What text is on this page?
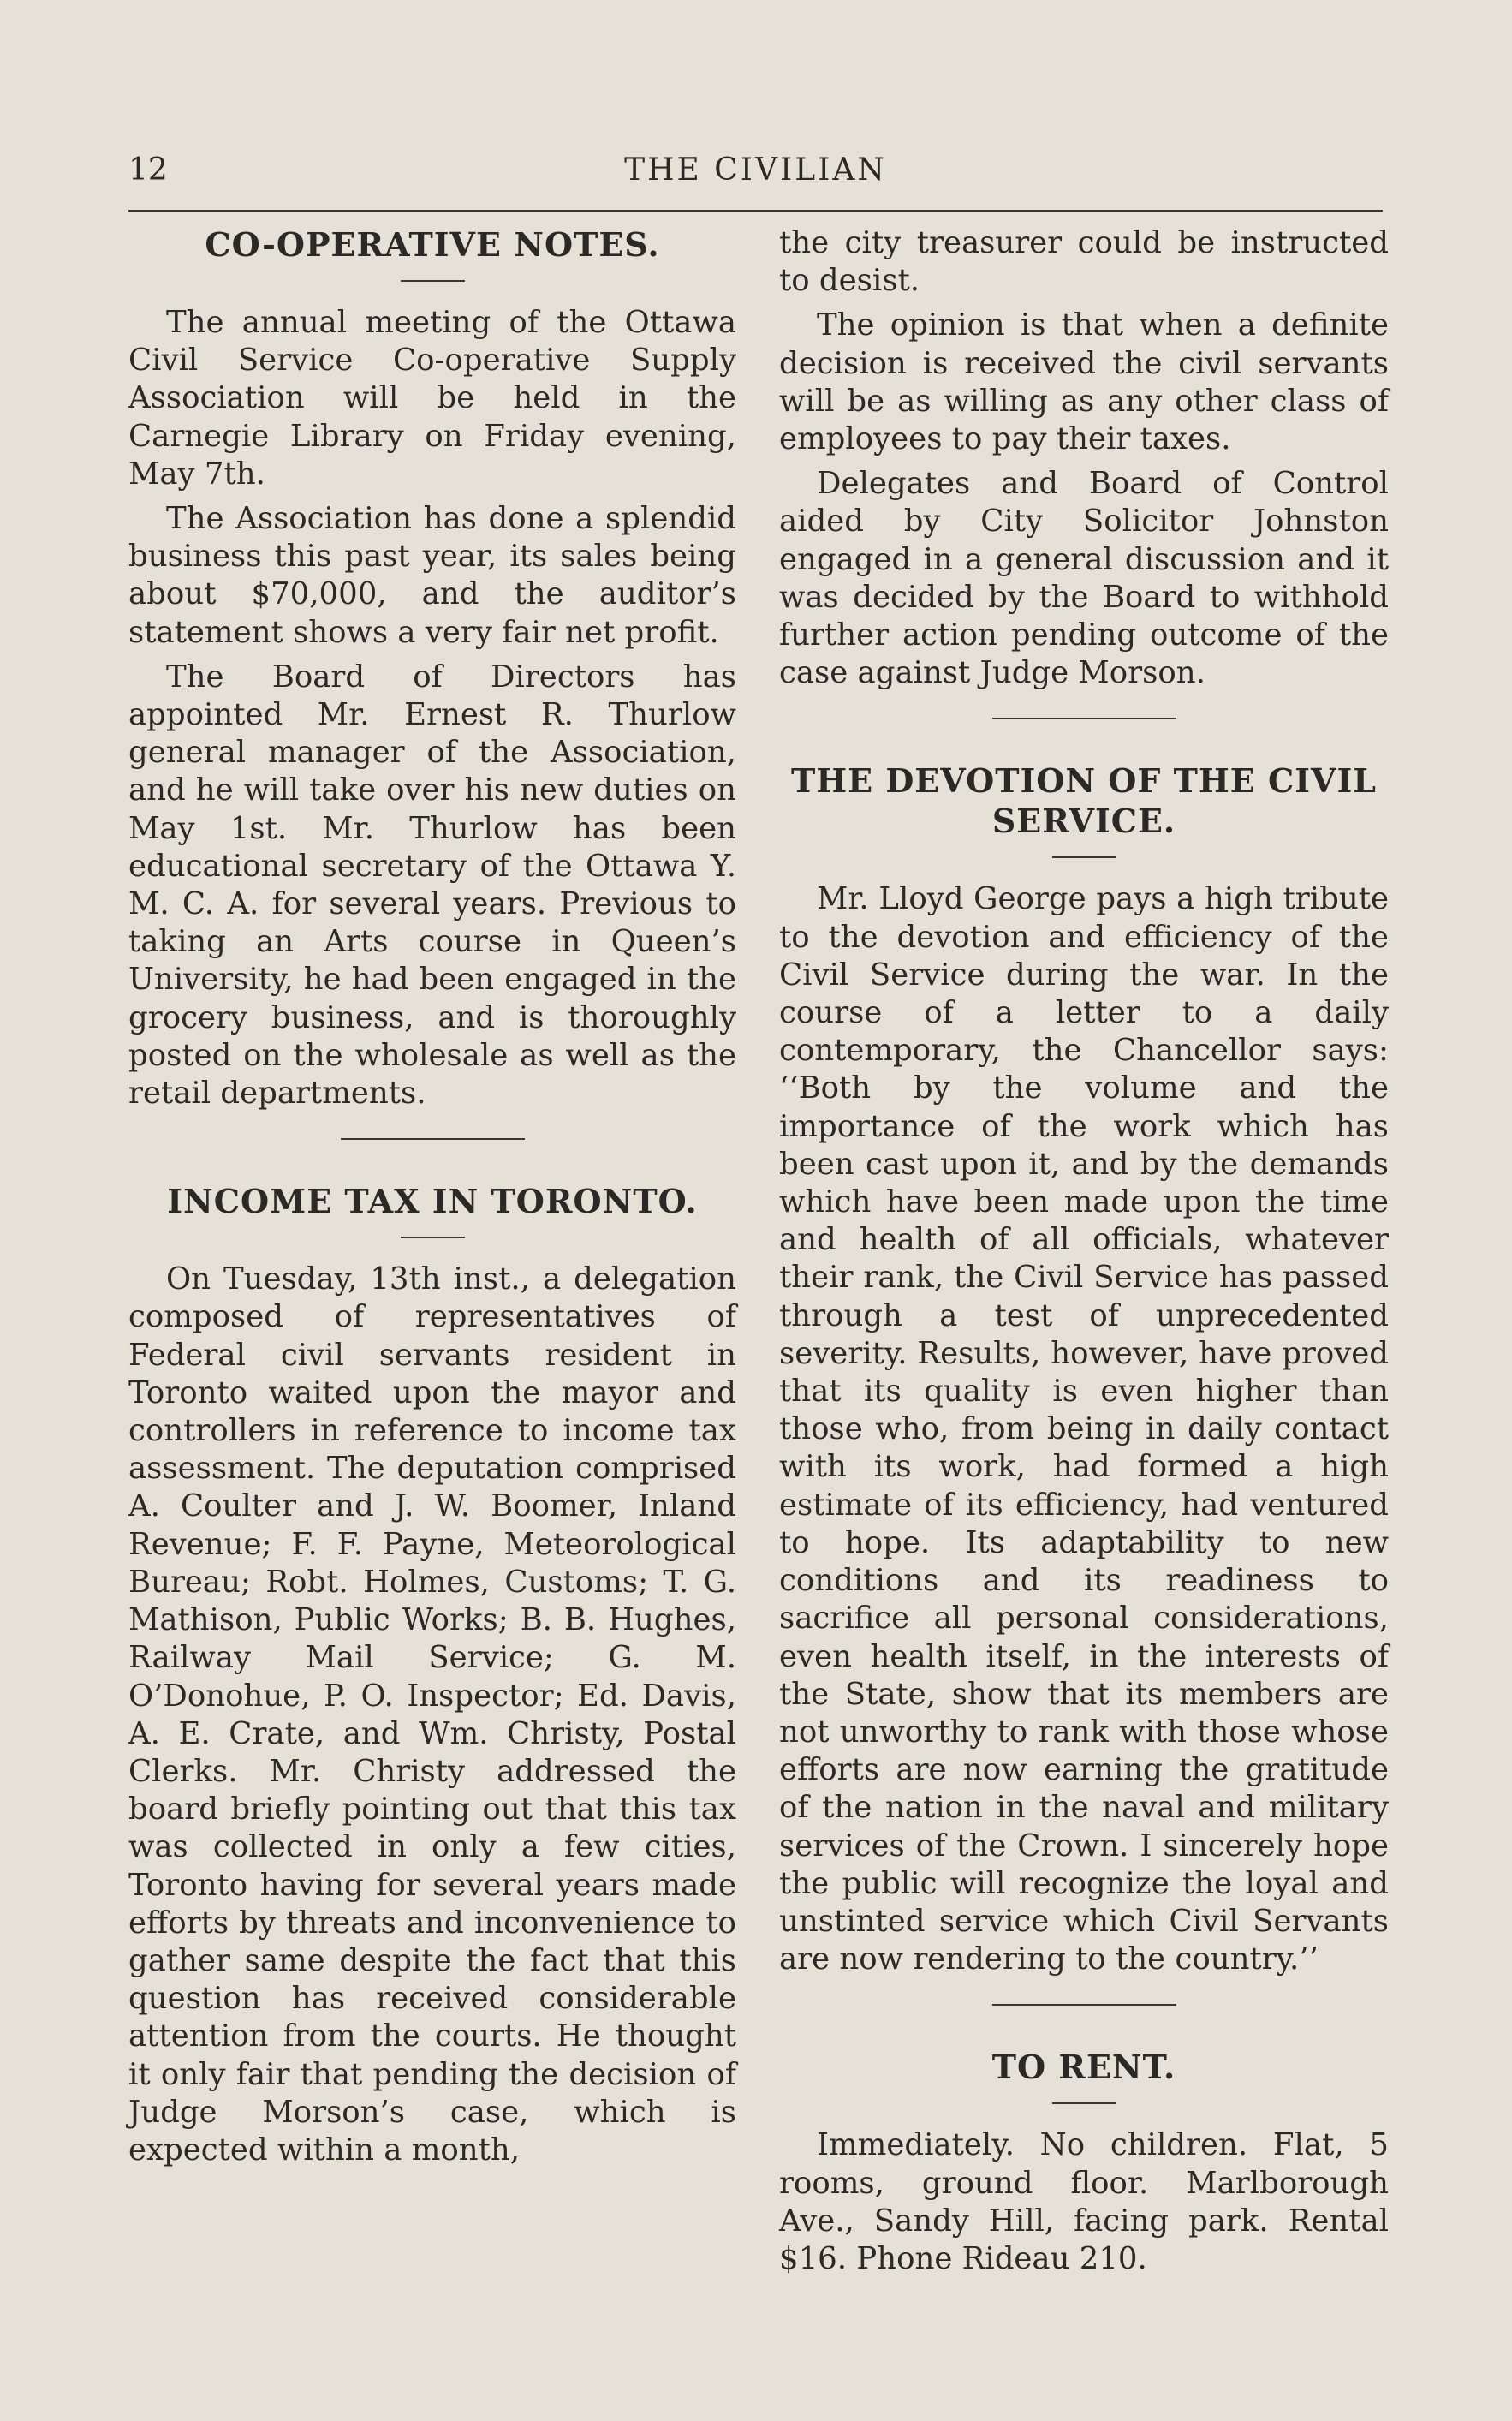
12	THE CIVILIAN
CO-OPERATIVE NOTES.

The annual meeting of the Ottawa Civil Service Co-operative Supply Association will be held in the Carnegie Library on Friday evening, May 7th.

The Association has done a splendid business this past year, its sales being about $70,000, and the auditor’s statement shows a very fair net profit.

The Board of Directors has appointed Mr. Ernest R. Thurlow general manager of the Association, and he will take over his new duties on May 1st. Mr. Thurlow has been educational secretary of the Ottawa Y. M. C. A. for several years. Previous to taking an Arts course in Queen’s University, he had been engaged in the grocery business, and is thoroughly posted on the wholesale as well as the retail departments.

INCOME TAX IN TORONTO.

On Tuesday, 13th inst., a delegation composed of representatives of Federal civil servants resident in Toronto waited upon the mayor and controllers in reference to income tax assessment. The deputation comprised A. Coulter and J. W. Boomer, Inland Revenue; F. F. Payne, Meteorological Bureau; Robt. Holmes, Customs; T. G. Mathison, Public Works; B. B. Hughes, Railway Mail Service; G. M. O’Donohue, P. O. Inspector; Ed. Davis, A. E. Crate, and Wm. Christy, Postal Clerks. Mr. Christy addressed the board briefly pointing out that this tax was collected in only a few cities, Toronto having for several years made efforts by threats and inconvenience to gather same despite the fact that this question has received considerable attention from the courts. He thought it only fair that pending the decision of Judge Morson’s case, which is expected within a month,

the city treasurer could be instructed to desist.

The opinion is that when a definite decision is received the civil servants will be as willing as any other class of employees to pay their taxes.

Delegates and Board of Control aided by City Solicitor Johnston engaged in a general discussion and it was decided by the Board to withhold further action pending outcome of the case against Judge Morson.

THE DEVOTION OF THE CIVIL SERVICE.

Mr. Lloyd George pays a high tribute to the devotion and efficiency of the Civil Service during the war. In the course of a letter to a daily contemporary, the Chancellor says: ‘‘Both by the volume and the importance of the work which has been cast upon it, and by the demands which have been made upon the time and health of all officials, whatever their rank, the Civil Service has passed through a test of unprecedented severity. Results, however, have proved that its quality is even higher than those who, from being in daily contact with its work, had formed a high estimate of its efficiency, had ventured to hope. Its adaptability to new conditions and its readiness to sacrifice all personal considerations, even health itself, in the interests of the State, show that its members are not unworthy to rank with those whose efforts are now earning the gratitude of the nation in the naval and military services of the Crown. I sincerely hope the public will recognize the loyal and unstinted service which Civil Servants are now rendering to the country.’’

TO RENT.

Immediately. No children. Flat, 5 rooms, ground floor. Marlborough Ave., Sandy Hill, facing park. Rental $16. Phone Rideau 210.
